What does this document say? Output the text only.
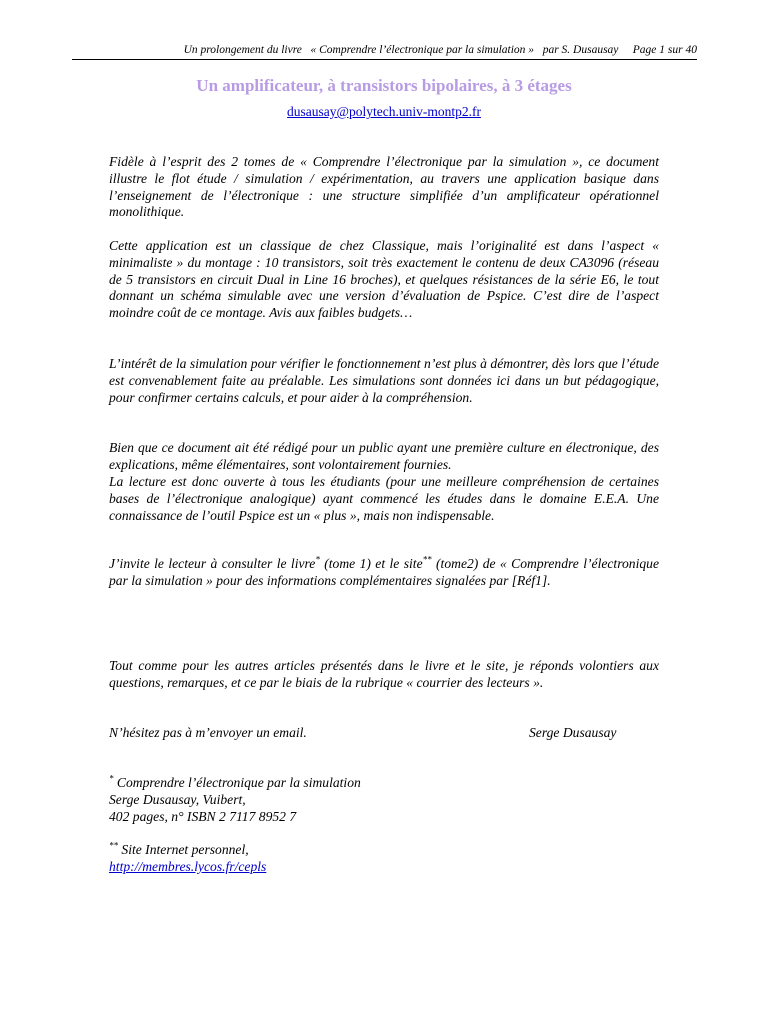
Un prolongement du livre   « Comprendre l’électronique par la simulation » par S. Dusausay Page 1 sur 40
Un amplificateur, à transistors bipolaires, à 3 étages
dusausay@polytech.univ-montp2.fr

Fidèle à l’esprit des 2 tomes de « Comprendre l’électronique par la simulation », ce document illustre le flot étude / simulation / expérimentation, au travers une application basique dans l’enseignement de l’électronique : une structure simplifiée d’un amplificateur opérationnel monolithique.

Cette application est un classique de chez Classique, mais l’originalité est dans l’aspect « minimaliste » du montage : 10 transistors, soit très exactement le contenu de deux CA3096 (réseau de 5 transistors en circuit Dual in Line 16 broches), et quelques résistances de la série E6, le tout donnant un schéma simulable avec une version d’évaluation de Pspice. C’est dire de l’aspect moindre coût de ce montage. Avis aux faibles budgets…

L’intérêt de la simulation pour vérifier le fonctionnement n’est plus à démontrer, dès lors que l’étude est convenablement faite au préalable. Les simulations sont données ici dans un but pédagogique, pour confirmer certains calculs, et pour aider à la compréhension.

Bien que ce document ait été rédigé pour un public ayant une première culture en électronique, des explications, même élémentaires, sont volontairement fournies.

La lecture est donc ouverte à tous les étudiants (pour une meilleure compréhension de certaines bases de l’électronique analogique) ayant commencé les études dans le domaine E.E.A. Une connaissance de l’outil Pspice est un « plus », mais non indispensable.

J’invite le lecteur à consulter le livre* (tome 1) et le site** (tome2) de « Comprendre l’électronique par la simulation » pour des informations complémentaires signalées par [Réf1].

Tout comme pour les autres articles présentés dans le livre et le site, je réponds volontiers aux questions, remarques, et ce par le biais de la rubrique « courrier des lecteurs ».

N’hésitez pas à m’envoyer un email.	Serge Dusausay
* Comprendre l’électronique par la simulation
Serge Dusausay, Vuibert,
402 pages, n° ISBN 2 7117 8952 7
** Site Internet personnel,
http://membres.lycos.fr/cepls
